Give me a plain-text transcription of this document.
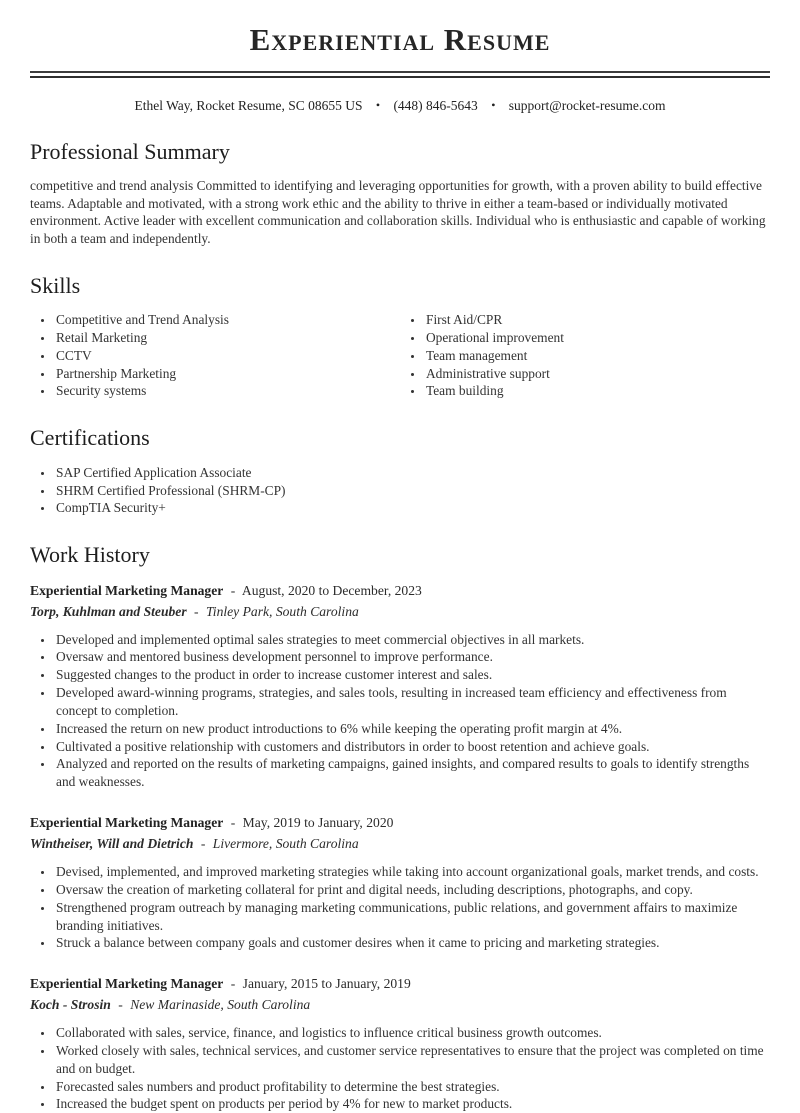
Experiential Resume
Ethel Way, Rocket Resume, SC 08655 US • (448) 846-5643 • support@rocket-resume.com
Professional Summary

competitive and trend analysis Committed to identifying and leveraging opportunities for growth, with a proven ability to build effective teams. Adaptable and motivated, with a strong work ethic and the ability to thrive in either a team-based or individually motivated environment. Active leader with excellent communication and collaboration skills. Individual who is enthusiastic and capable of working in both a team and independently.

Skills
• Competitive and Trend Analysis
• Retail Marketing
• CCTV
• Partnership Marketing
• Security systems
• First Aid/CPR
• Operational improvement
• Team management
• Administrative support
• Team building
Certifications
• SAP Certified Application Associate
• SHRM Certified Professional (SHRM-CP)
• CompTIA Security+
Work History

Experiential Marketing Manager - August, 2020 to December, 2023

Torp, Kuhlman and Steuber - Tinley Park, South Carolina

• Developed and implemented optimal sales strategies to meet commercial objectives in all markets.
• Oversaw and mentored business development personnel to improve performance.
• Suggested changes to the product in order to increase customer interest and sales.
• Developed award-winning programs, strategies, and sales tools, resulting in increased team efficiency and effectiveness from concept to completion.
• Increased the return on new product introductions to 6% while keeping the operating profit margin at 4%.
• Cultivated a positive relationship with customers and distributors in order to boost retention and achieve goals.
• Analyzed and reported on the results of marketing campaigns, gained insights, and compared results to goals to identify strengths and weaknesses.

Experiential Marketing Manager - May, 2019 to January, 2020

Wintheiser, Will and Dietrich - Livermore, South Carolina

• Devised, implemented, and improved marketing strategies while taking into account organizational goals, market trends, and costs.
• Oversaw the creation of marketing collateral for print and digital needs, including descriptions, photographs, and copy.
• Strengthened program outreach by managing marketing communications, public relations, and government affairs to maximize branding initiatives.
• Struck a balance between company goals and customer desires when it came to pricing and marketing strategies.

Experiential Marketing Manager - January, 2015 to January, 2019

Koch - Strosin - New Marinaside, South Carolina

• Collaborated with sales, service, finance, and logistics to influence critical business growth outcomes.
• Worked closely with sales, technical services, and customer service representatives to ensure that the project was completed on time and on budget.
• Forecasted sales numbers and product profitability to determine the best strategies.
• Increased the budget spent on products per period by 4% for new to market products.
